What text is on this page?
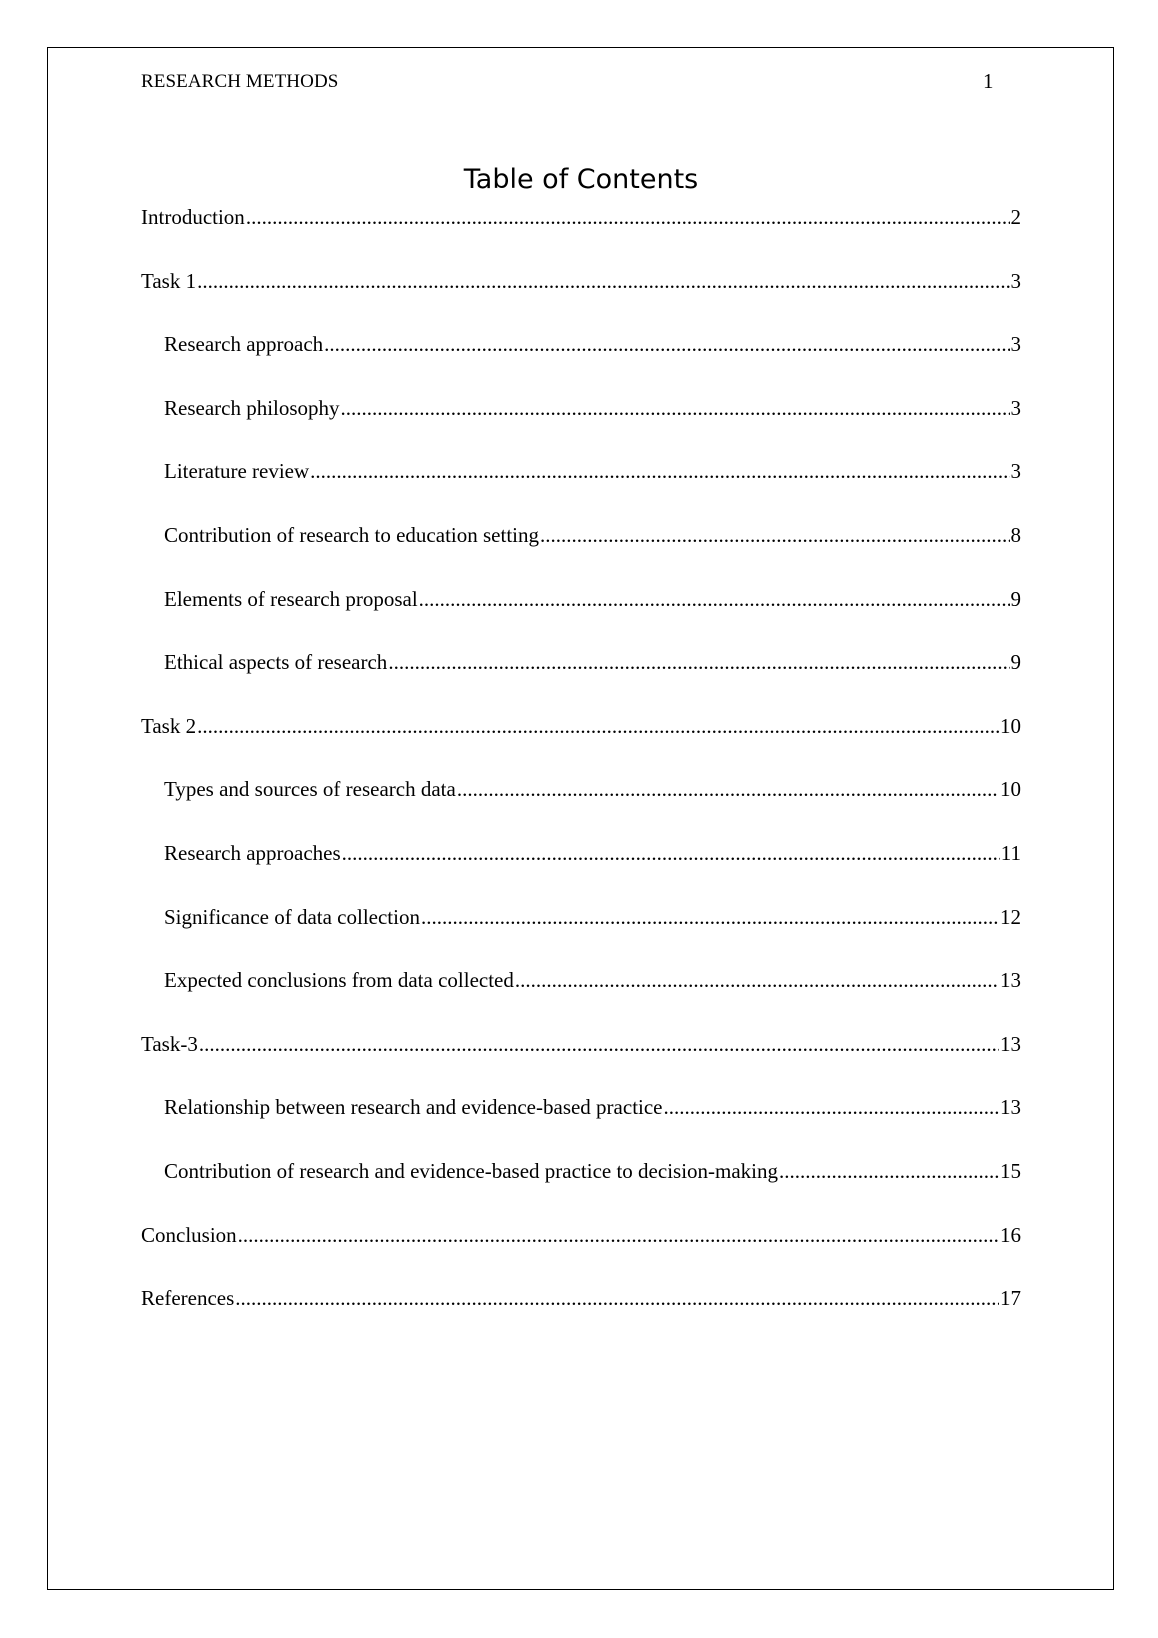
RESEARCH METHODS	1
Table of Contents
Introduction .....	2
Task 1 .....	3
Research approach .....	3
Research philosophy .....	3
Literature review .....	3
Contribution of research to education setting .....	8
Elements of research proposal .....	9
Ethical aspects of research .....	9
Task 2 .....	10
Types and sources of research data .....	10
Research approaches .....	11
Significance of data collection .....	12
Expected conclusions from data collected .....	13
Task-3 .....	13
Relationship between research and evidence-based practice .....	13
Contribution of research and evidence-based practice to decision-making .....	15
Conclusion .....	16
References .....	17
